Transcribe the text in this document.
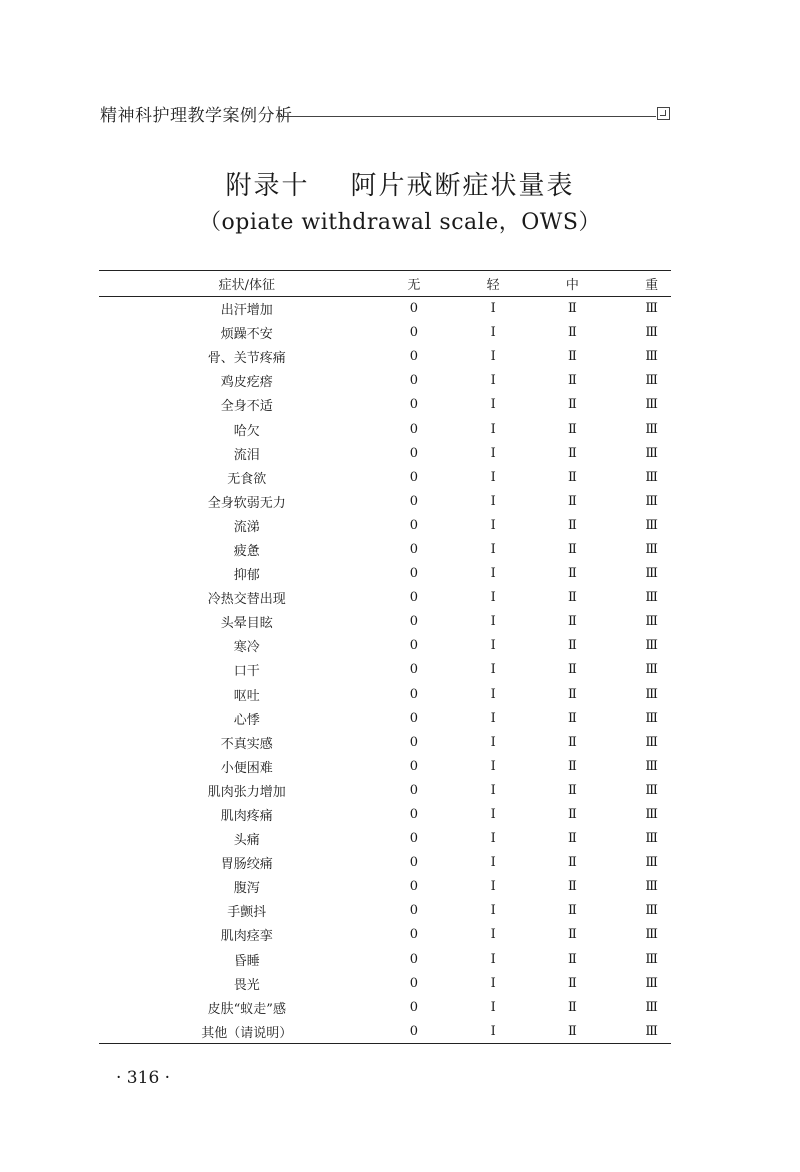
精神科护理教学案例分析
附录十    阿片戒断症状量表
（opiate withdrawal scale，OWS）
症状/体征	无		轻		中		重
出汗增加	0		Ⅰ		Ⅱ		Ⅲ
烦躁不安	0		Ⅰ		Ⅱ		Ⅲ
骨、关节疼痛	0		Ⅰ		Ⅱ		Ⅲ
鸡皮疙瘩	0		Ⅰ		Ⅱ		Ⅲ
全身不适	0		Ⅰ		Ⅱ		Ⅲ
哈欠	0		Ⅰ		Ⅱ		Ⅲ
流泪	0		Ⅰ		Ⅱ		Ⅲ
无食欲	0		Ⅰ		Ⅱ		Ⅲ
全身软弱无力	0		Ⅰ		Ⅱ		Ⅲ
流涕	0		Ⅰ		Ⅱ		Ⅲ
疲惫	0		Ⅰ		Ⅱ		Ⅲ
抑郁	0		Ⅰ		Ⅱ		Ⅲ
冷热交替出现	0		Ⅰ		Ⅱ		Ⅲ
头晕目眩	0		Ⅰ		Ⅱ		Ⅲ
寒冷	0		Ⅰ		Ⅱ		Ⅲ
口干	0		Ⅰ		Ⅱ		Ⅲ
呕吐	0		Ⅰ		Ⅱ		Ⅲ
心悸	0		Ⅰ		Ⅱ		Ⅲ
不真实感	0		Ⅰ		Ⅱ		Ⅲ
小便困难	0		Ⅰ		Ⅱ		Ⅲ
肌肉张力增加	0		Ⅰ		Ⅱ		Ⅲ
肌肉疼痛	0		Ⅰ		Ⅱ		Ⅲ
头痛	0		Ⅰ		Ⅱ		Ⅲ
胃肠绞痛	0		Ⅰ		Ⅱ		Ⅲ
腹泻	0		Ⅰ		Ⅱ		Ⅲ
手颤抖	0		Ⅰ		Ⅱ		Ⅲ
肌肉痉挛	0		Ⅰ		Ⅱ		Ⅲ
昏睡	0		Ⅰ		Ⅱ		Ⅲ
畏光	0		Ⅰ		Ⅱ		Ⅲ
皮肤“蚁走”感	0		Ⅰ		Ⅱ		Ⅲ
其他（请说明）	0		Ⅰ		Ⅱ		Ⅲ
· 316 ·
